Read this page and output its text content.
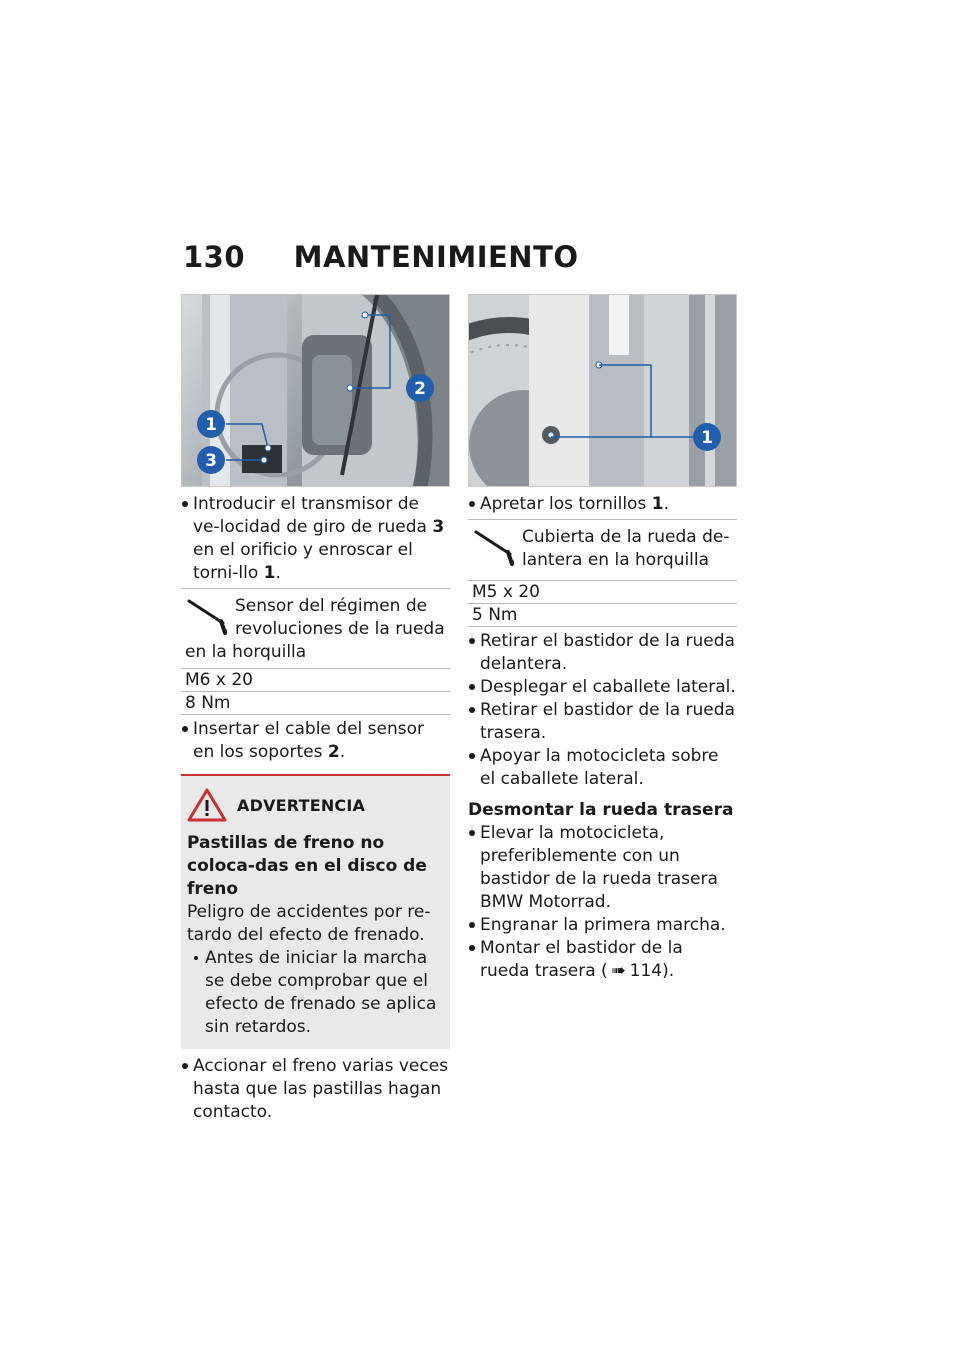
130 MANTENIMIENTO
1
2
3
Introducir el transmisor de ve-locidad de giro de rueda 3 en el orificio y enroscar el torni-llo 1.
Sensor del régimen de revoluciones de la rueda en la horquilla
M6 x 20
8 Nm
Insertar el cable del sensor en los soportes 2.
ADVERTENCIA
Pastillas de freno no coloca-das en el disco de freno
Peligro de accidentes por re-tardo del efecto de frenado.
Antes de iniciar la marcha se debe comprobar que el efecto de frenado se aplica sin retardos.
Accionar el freno varias veces hasta que las pastillas hagan contacto.
1
Apretar los tornillos 1.
Cubierta de la rueda de-lantera en la horquilla
M5 x 20
5 Nm
Retirar el bastidor de la rueda delantera.
Desplegar el caballete lateral.
Retirar el bastidor de la rueda trasera.
Apoyar la motocicleta sobre el caballete lateral.
Desmontar la rueda trasera
Elevar la motocicleta, preferiblemente con un bastidor de la rueda trasera BMW Motorrad.
Engranar la primera marcha.
Montar el bastidor de la rueda trasera ( ➠ 114).
